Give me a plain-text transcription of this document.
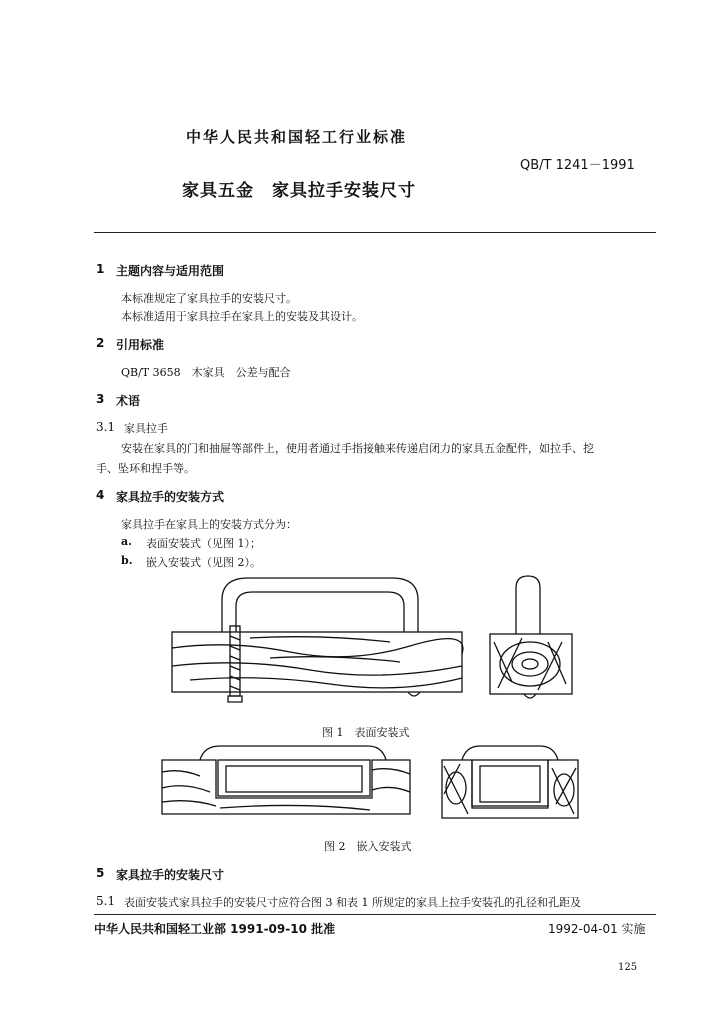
中华人民共和国轻工行业标准
QB/T 1241－1991
家具五金　家具拉手安装尺寸
1 主题内容与适用范围
本标准规定了家具拉手的安装尺寸。
本标准适用于家具拉手在家具上的安装及其设计。
2 引用标准
QB/T 3658　木家具　公差与配合
3 术语
3.1 家具拉手
安装在家具的门和抽屉等部件上，使用者通过手指接触来传递启闭力的家具五金配件，如拉手、挖
手、坠环和捏手等。
4 家具拉手的安装方式
家具拉手在家具上的安装方式分为：
a. 表面安装式（见图 1）；
b. 嵌入安装式（见图 2）。
图 1　表面安装式
图 2　嵌入安装式
5 家具拉手的安装尺寸
5.1 表面安装式家具拉手的安装尺寸应符合图 3 和表 1 所规定的家具上拉手安装孔的孔径和孔距及
中华人民共和国轻工业部 1991-09-10 批准	1992-04-01 实施
125
